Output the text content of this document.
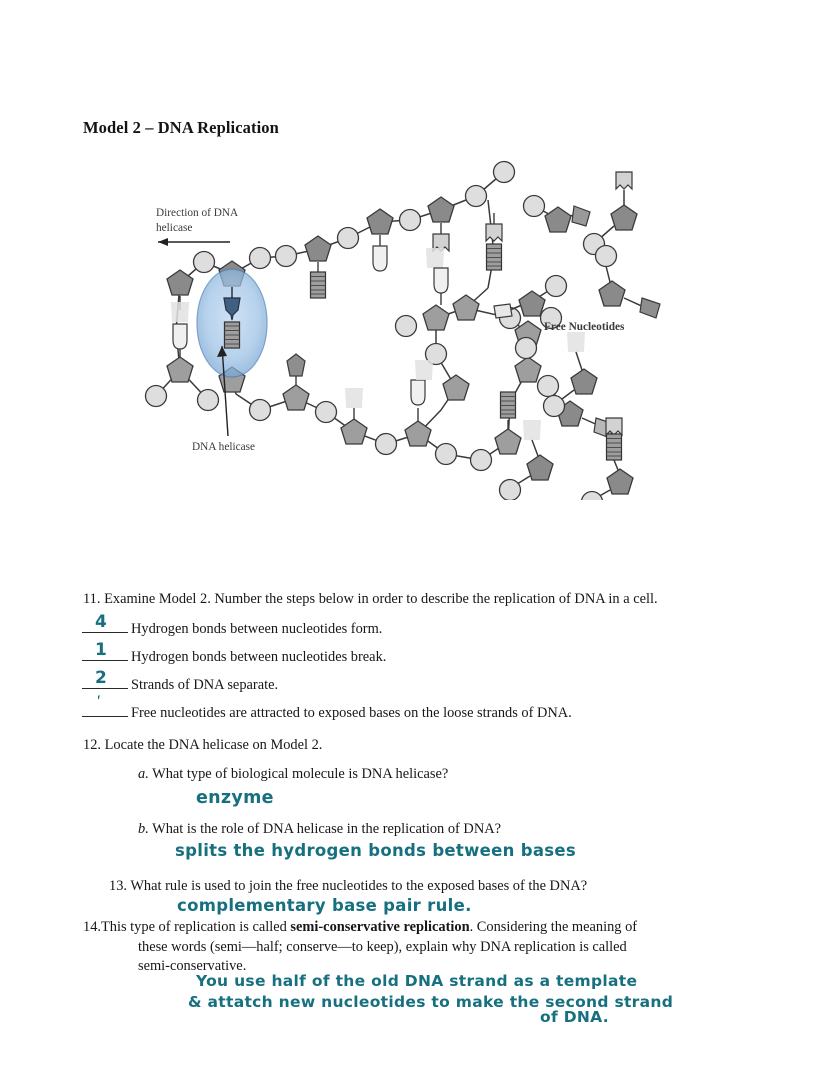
Model 2 – DNA Replication
Direction of DNA
helicase
DNA helicase
Free Nucleotides
11. Examine Model 2. Number the steps below in order to describe the replication of DNA in a cell.
4 Hydrogen bonds between nucleotides form.
1 Hydrogen bonds between nucleotides break.
2 Strands of DNA separate.
ˊ
Free nucleotides are attracted to exposed bases on the loose strands of DNA.
12. Locate the DNA helicase on Model 2.
a. What type of biological molecule is DNA helicase?
enzyme
b. What is the role of DNA helicase in the replication of DNA?
splits the hydrogen bonds between bases
13. What rule is used to join the free nucleotides to the exposed bases of the DNA?
complementary base pair rule.
14.This type of replication is called semi-conservative replication. Considering the meaning of
these words (semi—half; conserve—to keep), explain why DNA replication is called
semi-conservative.
You use half of the old DNA strand as a template
& attatch new nucleotides to make the second strand
of DNA.
